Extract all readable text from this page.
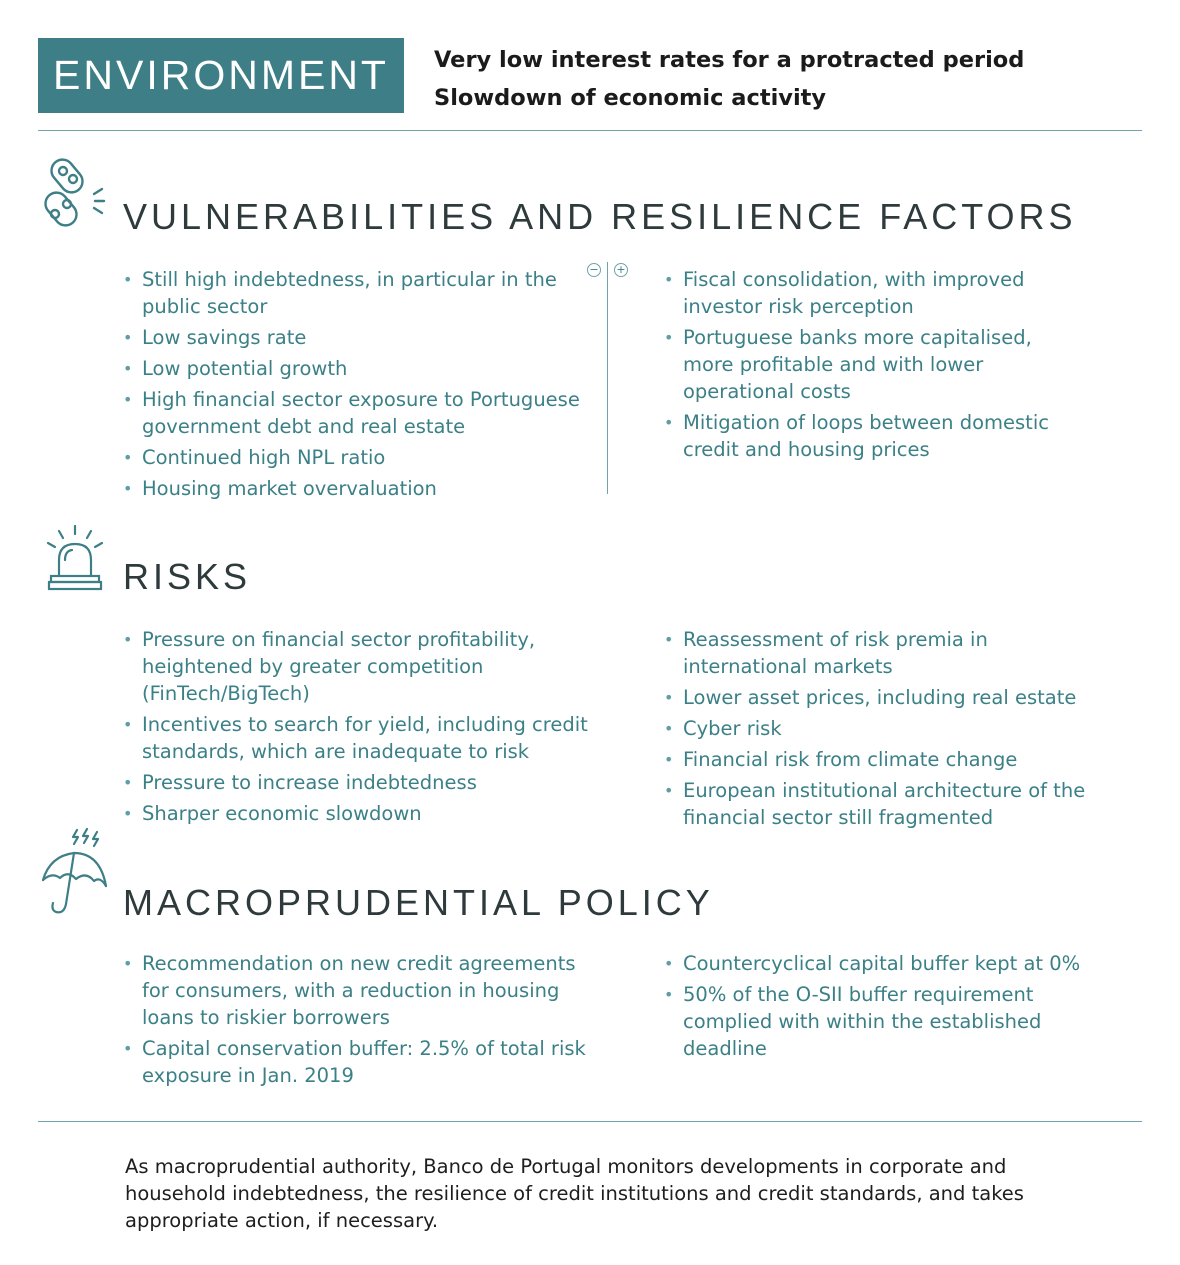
ENVIRONMENT	Very low interest rates for a protracted period
Slowdown of economic activity
VULNERABILITIES AND RESILIENCE FACTORS
• Still high indebtedness, in particular in the public sector
• Low savings rate
• Low potential growth
• High financial sector exposure to Portuguese government debt and real estate
• Continued high NPL ratio
• Housing market overvaluation
− +
•	Fiscal consolidation, with improved investor risk perception
• Portuguese banks more capitalised, more profitable and with lower operational costs
• Mitigation of loops between domestic credit and housing prices
RISKS
• Pressure on financial sector profitability, heightened by greater competition (FinTech/BigTech)
• Incentives to search for yield, including credit standards, which are inadequate to risk
• Pressure to increase indebtedness
• Sharper economic slowdown
• Reassessment of risk premia in international markets
• Lower asset prices, including real estate
• Cyber risk
• Financial risk from climate change
• European institutional architecture of the financial sector still fragmented
MACROPRUDENTIAL POLICY
• Recommendation on new credit agreements for consumers, with a reduction in housing loans to riskier borrowers
• Capital conservation buffer: 2.5% of total risk exposure in Jan. 2019
• Countercyclical capital buffer kept at 0%
• 50% of the O-SII buffer requirement complied with within the established deadline
As macroprudential authority, Banco de Portugal monitors developments in corporate and household indebtedness, the resilience of credit institutions and credit standards, and takes appropriate action, if necessary.
